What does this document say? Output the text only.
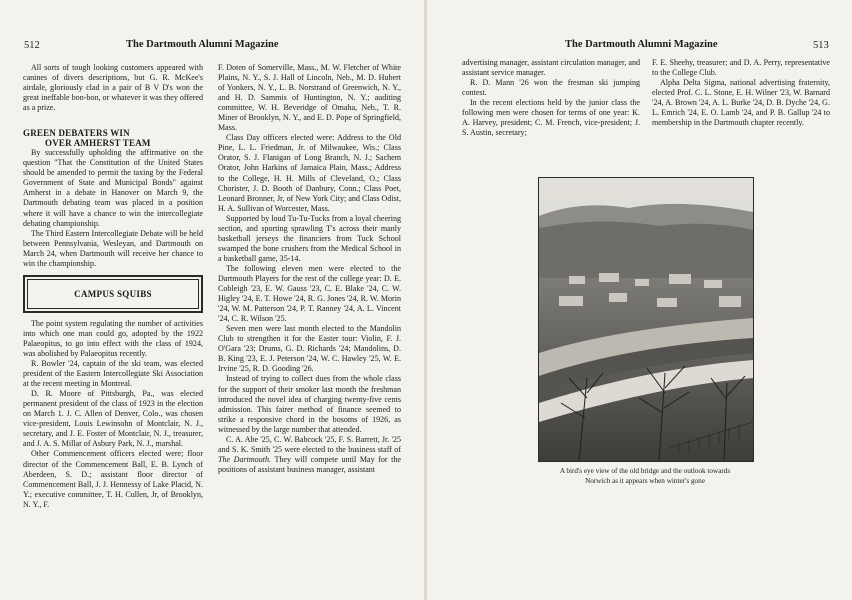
512	The Dartmouth Alumni Magazine

All sorts of tough looking customers appeared with canines of divers descriptions, but G. R. McKee's airdale, gloriously clad in a pair of B V D's won the great ineffable bon-bon, or whatever it was they offered as a prize.

GREEN DEBATERS WIN
OVER AMHERST TEAM

By successfully upholding the affirmative on the question "That the Constitution of the United States should be amended to permit the taxing by the Federal Government of State and Municipal Bonds" against Amherst in a debate in Hanover on March 9, the Dartmouth debating team was placed in a position where it will have a chance to win the intercollegiate debating championship.

The Third Eastern Intercollegiate Debate will be held between Pennsylvania, Wesleyan, and Dartmouth on March 24, when Dartmouth will receive her chance to win the championship.

CAMPUS SQUIBS

The point system regulating the number of activities into which one man could go, adopted by the 1922 Palaeopitus, to go into effect with the class of 1924, was abolished by Palaeopitus recently.

R. Bowler '24, captain of the ski team, was elected president of the Eastern Intercollegiate Ski Association at the recent meeting in Montreal.

D. R. Moore of Pittsburgh, Pa., was elected permanent president of the class of 1923 in the election on March 1. J. C. Allen of Denver, Colo., was chosen vice-president, Louis Lewinsohn of Montclair, N. J., secretary, and J. E. Foster of Montclair, N. J., treasurer, and J. A. S. Millar of Asbury Park, N. J., marshal.

Other Commencement officers elected were; floor director of the Commencement Ball, E. B. Lynch of Aberdeen, S. D.; assistant floor director of Commencement Ball, J. J. Hennessy of Lake Placid, N. Y.; executive committee, T. H. Cullen, Jr, of Brooklyn, N. Y., F.

F. Doten of Somerville, Mass., M. W. Fletcher of White Plains, N. Y., S. J. Hall of Lincoln, Neb., M. D. Hubert of Yonkers, N. Y., L. B. Norstrand of Greenwich, N. Y., and H. D. Sammis of Huntington, N. Y.; auditing committee, W. H. Beveridge of Omaha, Neb., T. R. Miner of Brooklyn, N. Y., and E. D. Pope of Springfield, Mass.

Class Day officers elected were: Address to the Old Pine, L. L. Friedman, Jr. of Milwaukee, Wis.; Class Orator, S. J. Flanigan of Long Branch, N. J.; Sachem Orator, John Harkins of Jamaica Plain, Mass.; Address to the College, H. H. Mills of Cleveland, O.; Class Chorister, J. D. Booth of Danbury, Conn.; Class Poet, Leonard Bronner, Jr, of New York City; and Class Odist, H. A. Sullivan of Worcester, Mass.

Supported by loud Tu-Tu-Tucks from a loyal cheering section, and sporting sprawling T's across their manly basketball jerseys the financiers from Tuck School swamped the bone crushers from the Medical School in a basketball game, 35-14.

The following eleven men were elected to the Dartmouth Players for the rest of the college year: D. E. Cobleigh '23, E. W. Gauss '23, C. E. Blake '24, C. W. Higley '24, E. T. Howe '24, R. G. Jones '24, R. W. Morin '24, W. M. Patterson '24, P. T. Ranney '24, A. L. Vincent '24, C. R. Wilson '25.

Seven men were last month elected to the Mandolin Club to strengthen it for the Easter tour: Violin, F. J. O'Gara '23; Drums, G. D. Richards '24; Mandolins, D. B. King '23, E. J. Peterson '24, W. C. Hawley '25, W. E. Irvine '25, R. D. Gooding '26.

Instead of trying to collect dues from the whole class for the support of their smoker last month the freshman introduced the novel idea of charging twenty-five cents admission. This fairer method of finance seemed to strike a responsive chord in the bosoms of 1926, as witnessed by the large number that attended.

C. A. Abe '25, C. W. Babcock '25, F. S. Barrett, Jr. '25 and S. K. Smith '25 were elected to the business staff of The Dartmouth. They will compete until May for the positions of assistant business manager, assistant

The Dartmouth Alumni Magazine	513

advertising manager, assistant circulation manager, and assistant service manager.

R. D. Mann '26 won the fresman ski jumping contest.

In the recent elections held by the junior class the following men were chosen for terms of one year: K. A. Harvey, president; C. M. French, vice-president; J. S. Austin, secretary;

F. E. Sheehy, treasurer; and D. A. Perry, representative to the College Club.

Alpha Delta Sigma, national advertising fraternity, elected Prof. C. L. Stone, E. H. Wilner '23, W. Barnard '24, A. Brown '24, A. L. Burke '24, D. B. Dyche '24, G. L. Emrich '24, E. O. Lamb '24, and P. B. Gallup '24 to membership in the Dartmouth chapter recently.

A bird's eye view of the old bridge and the outlook towards
Norwich as it appears when winter's gone
